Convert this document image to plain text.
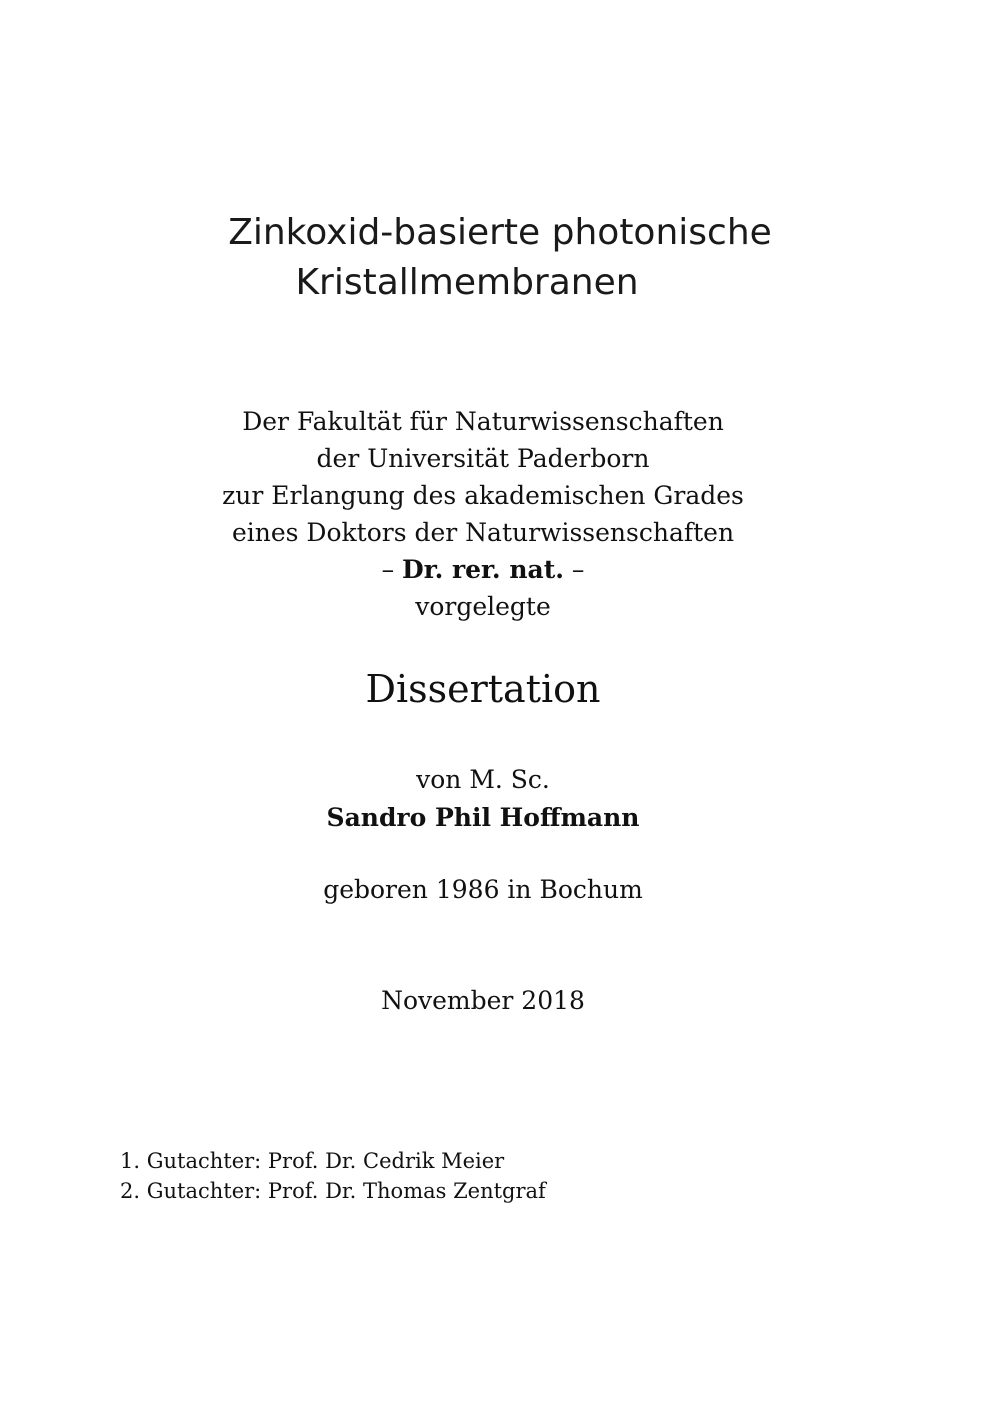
Zinkoxid-basierte photonische
Kristallmembranen
Der Fakultät für Naturwissenschaften
der Universität Paderborn
zur Erlangung des akademischen Grades
eines Doktors der Naturwissenschaften
– Dr. rer. nat. –
vorgelegte
Dissertation
von M. Sc.
Sandro Phil Hoffmann
geboren 1986 in Bochum
November 2018
1. Gutachter: Prof. Dr. Cedrik Meier
2. Gutachter: Prof. Dr. Thomas Zentgraf
